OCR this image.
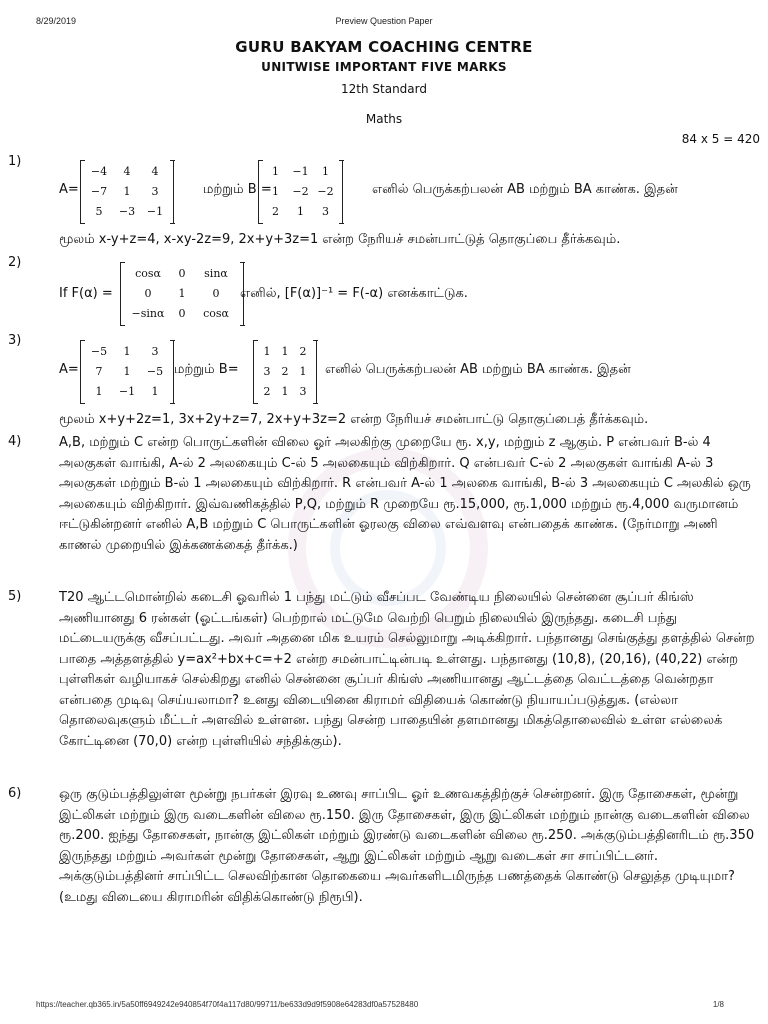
8/29/2019	Preview Question Paper
GURU BAKYAM COACHING CENTRE
UNITWISE IMPORTANT FIVE MARKS
12th Standard
Maths
84 x 5 = 420
1)
A=
−4	4	4
−7	1	3
5	−3	−1
மற்றும் B =
1	−1	1
1	−2 −2
2	1	3
எனில் பெருக்கற்பலன் AB மற்றும் BA காண்க. இதன்
மூலம் x-y+z=4, x-xy-2z=9, 2x+y+3z=1 என்ற நேரியச் சமன்பாட்டுத் தொகுப்பை தீர்க்கவும்.
2)
If F(α) =
cosα	0	sinα
0	1	0
−sinα	0	cosα
எனில், [F(α)]⁻¹ = F(-α) எனக்காட்டுக.
3)
A=
−5	1	3
7	1	−5
1	−1	1
மற்றும் B=
1	1	2
3	2	1
2	1	3
எனில் பெருக்கற்பலன் AB மற்றும் BA காண்க. இதன்
மூலம் x+y+2z=1, 3x+2y+z=7, 2x+y+3z=2 என்ற நேரியச் சமன்பாட்டு தொகுப்பைத் தீர்க்கவும்.
4)	A,B, மற்றும் C என்ற பொருட்களின் விலை ஓர் அலகிற்கு முறையே ரூ. x,y, மற்றும் z ஆகும். P என்பவர் B-ல் 4 அலகுகள் வாங்கி, A-ல் 2 அலகையும் C-ல் 5 அலகையும் விற்கிறார். Q என்பவர் C-ல் 2 அலகுகள் வாங்கி A-ல் 3 அலகுகள் மற்றும் B-ல் 1 அலகையும் விற்கிறார். R என்பவர் A-ல் 1 அலகை வாங்கி, B-ல் 3 அலகையும் C அலகில் ஒரு அலகையும் விற்கிறார். இவ்வணிகத்தில் P,Q, மற்றும் R முறையே ரூ.15,000, ரூ.1,000 மற்றும் ரூ.4,000 வருமானம் ஈட்டுகின்றனர் எனில் A,B மற்றும் C பொருட்களின் ஓரலகு விலை எவ்வளவு என்பதைக் காண்க. (நேர்மாறு அணி காணல் முறையில் இக்கணக்கைத் தீர்க்க.)
5)	T20 ஆட்டமொன்றில் கடைசி ஓவரில் 1 பந்து மட்டும் வீசப்பட வேண்டிய நிலையில் சென்னை சூப்பர் கிங்ஸ் அணியானது 6 ரன்கள் (ஓட்டங்கள்) பெற்றால் மட்டுமே வெற்றி பெறும் நிலையில் இருந்தது. கடைசி பந்து மட்டையருக்கு வீசப்பட்டது. அவர் அதனை மிக உயரம் செல்லுமாறு அடிக்கிறார். பந்தானது செங்குத்து தளத்தில் சென்ற பாதை அத்தளத்தில் y=ax²+bx+c=+2 என்ற சமன்பாட்டின்படி உள்ளது. பந்தானது (10,8), (20,16), (40,22) என்ற புள்ளிகள் வழியாகச் செல்கிறது எனில் சென்னை சூப்பர் கிங்ஸ் அணியானது ஆட்டத்தை வெட்டத்தை வென்றதா என்பதை முடிவு செய்யலாமா? உனது விடையினை கிராமர் விதியைக் கொண்டு நியாயப்படுத்துக. (எல்லா தொலைவுகளும் மீட்டர் அளவில் உள்ளன. பந்து சென்ற பாதையின் தளமானது மிகத்தொலைவில் உள்ள எல்லைக் கோட்டினை (70,0) என்ற புள்ளியில் சந்திக்கும்).
6)	ஒரு குடும்பத்திலுள்ள மூன்று நபர்கள் இரவு உணவு சாப்பிட ஓர் உணவகத்திற்குச் சென்றனர். இரு தோசைகள், மூன்று இட்லிகள் மற்றும் இரு வடைகளின் விலை ரூ.150. இரு தோசைகள், இரு இட்லிகள் மற்றும் நான்கு வடைகளின் விலை ரூ.200. ஐந்து தோசைகள், நான்கு இட்லிகள் மற்றும் இரண்டு வடைகளின் விலை ரூ.250. அக்குடும்பத்தினரிடம் ரூ.350 இருந்தது மற்றும் அவர்கள் மூன்று தோசைகள், ஆறு இட்லிகள் மற்றும் ஆறு வடைகள் சா சாப்பிட்டனர். அக்குடும்பத்தினர் சாப்பிட்ட செலவிற்கான தொகையை அவர்களிடமிருந்த பணத்தைக் கொண்டு செலுத்த முடியுமா? (உமது விடையை கிராமரின் விதிக்கொண்டு நிரூபி).
https://teacher.qb365.in/5a50ff6949242e940854f70f4a117d80/99711/be633d9d9f5908e64283df0a57528480	1/8
